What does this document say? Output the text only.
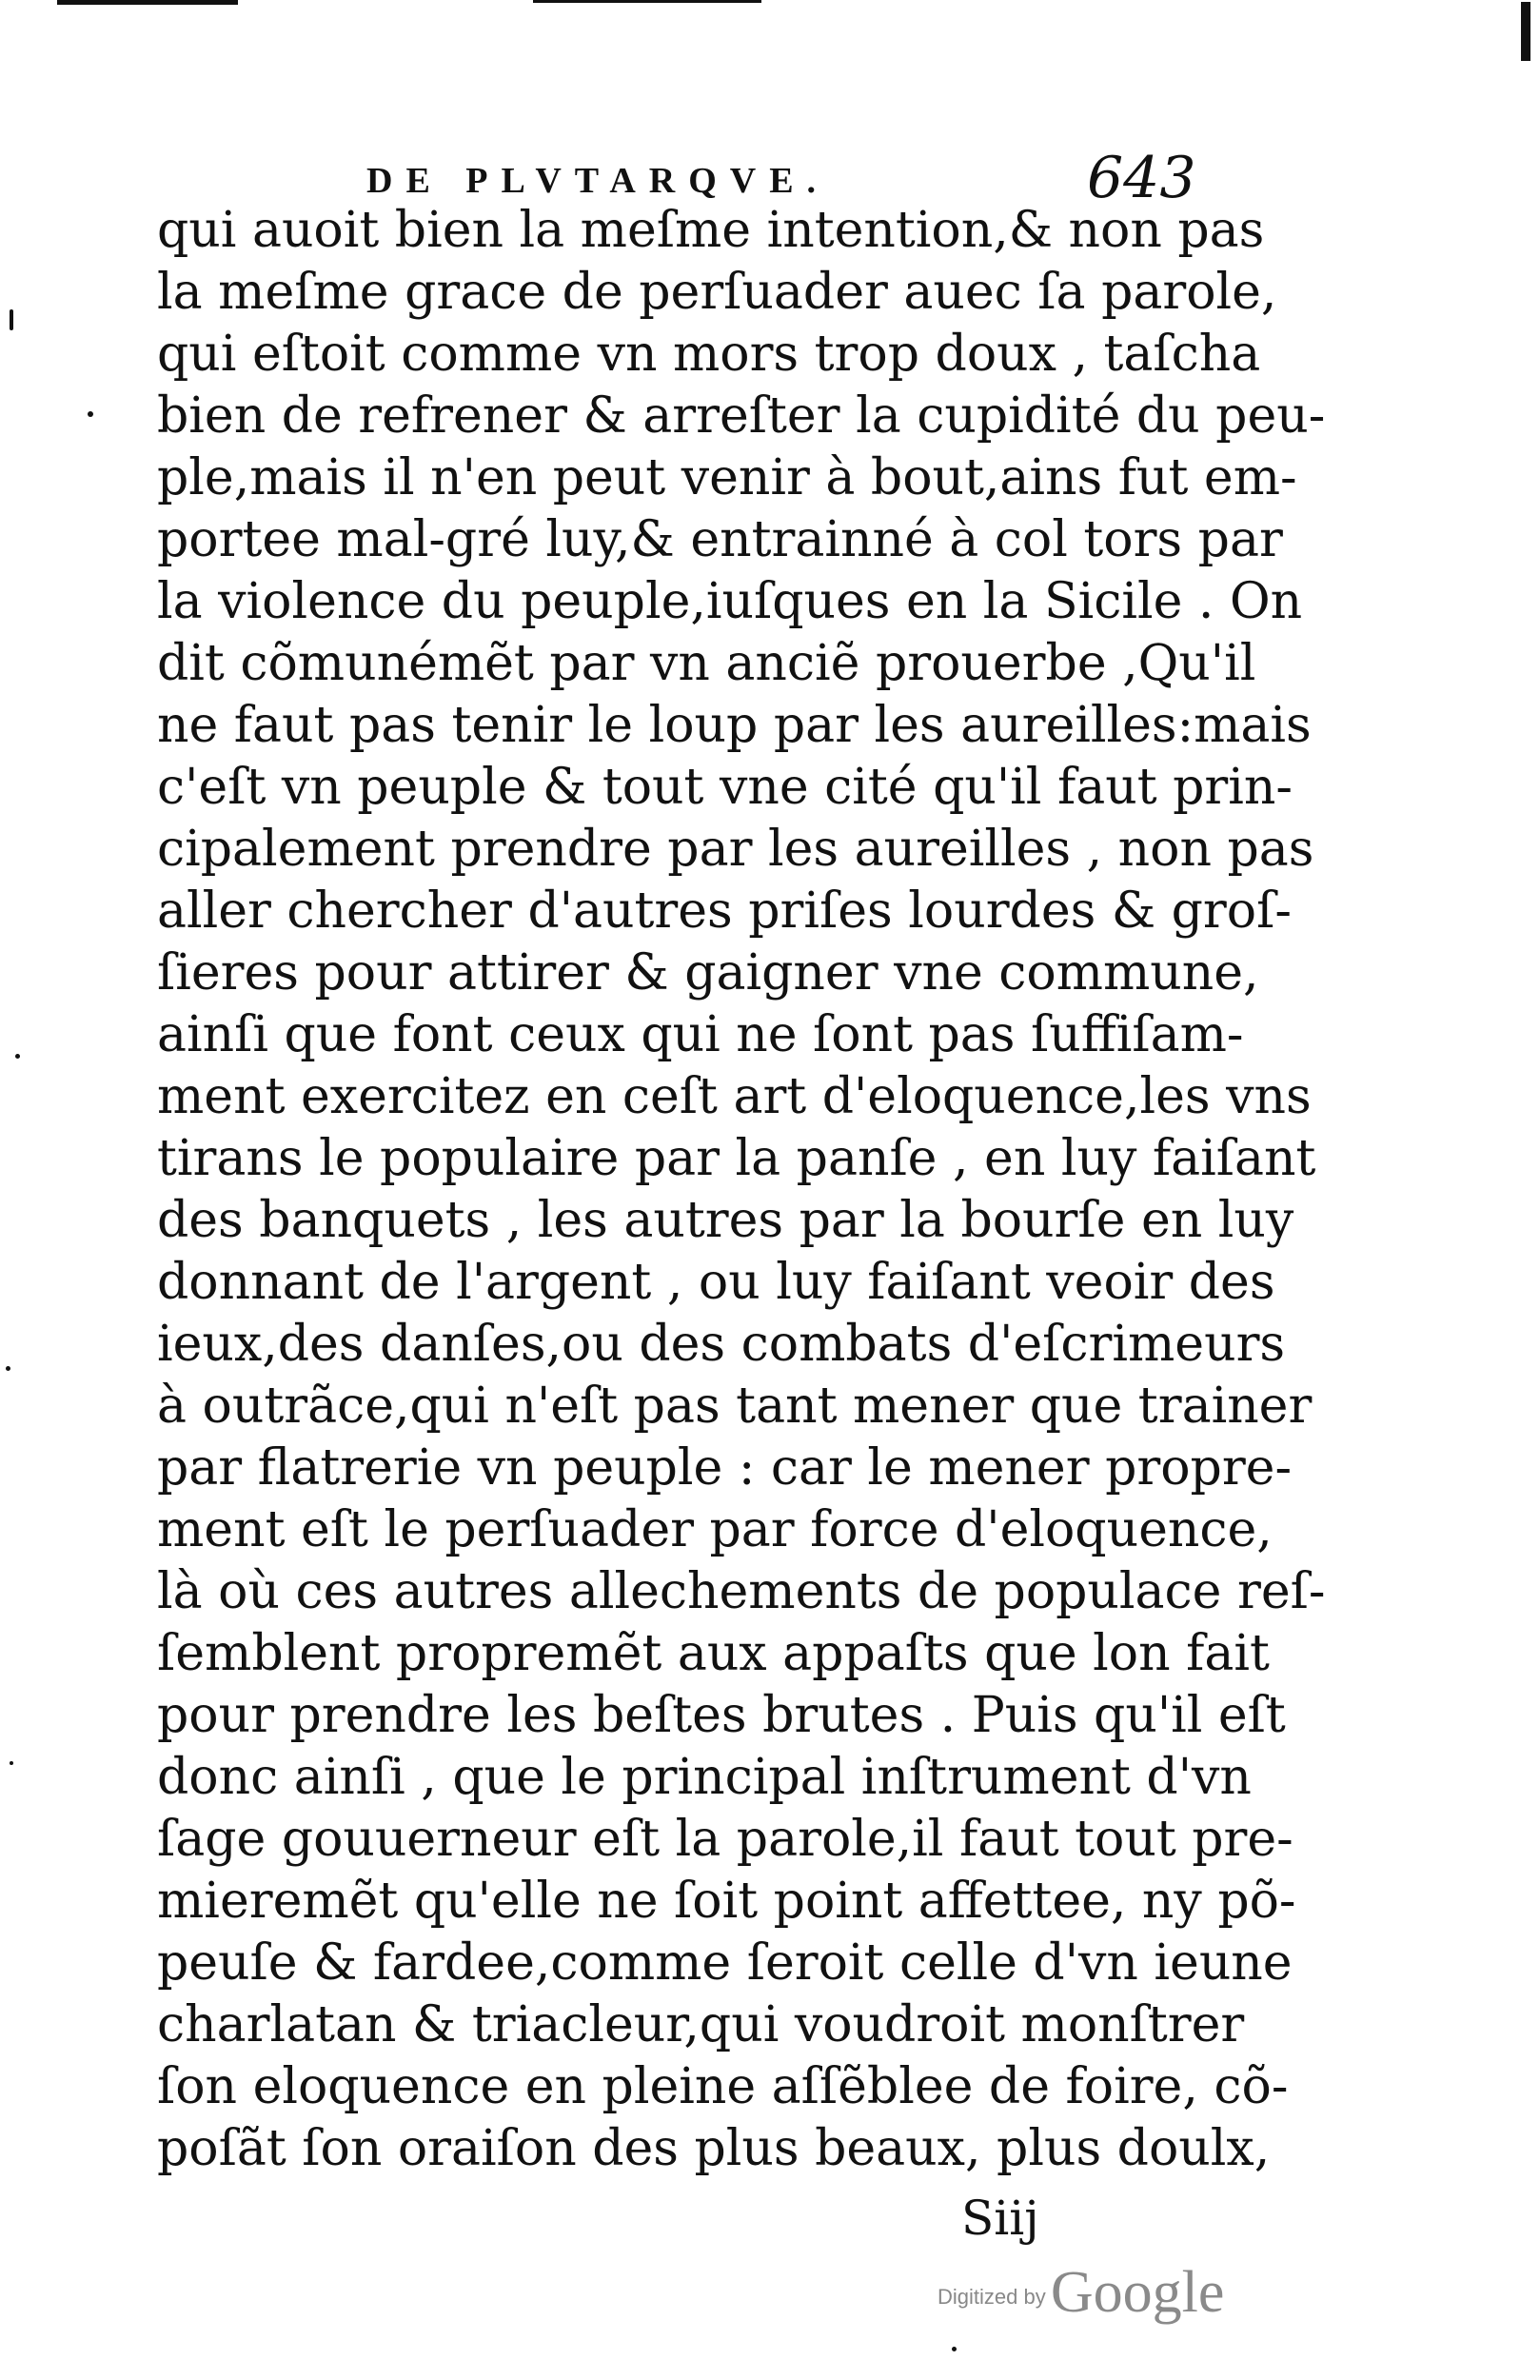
DE PLVTARQVE.	643
qui auoit bien la meſme intention,& non pas
la meſme grace de perſuader auec ſa parole,
qui eſtoit comme vn mors trop doux , taſcha
bien de refrener & arreſter la cupidité du peu-
ple,mais il n'en peut venir à bout,ains fut em-
portee mal-gré luy,& entrainné à col tors par
la violence du peuple,iuſques en la Sicile . On
dit cõmunémẽt par vn anciẽ prouerbe ,Qu'il
ne faut pas tenir le loup par les aureilles:mais
c'eſt vn peuple & tout vne cité qu'il faut prin-
cipalement prendre par les aureilles , non pas
aller chercher d'autres priſes lourdes & groſ-
ſieres pour attirer & gaigner vne commune,
ainſi que font ceux qui ne ſont pas ſuffiſam-
ment exercitez en ceſt art d'eloquence,les vns
tirans le populaire par la panſe , en luy faiſant
des banquets , les autres par la bourſe en luy
donnant de l'argent , ou luy faiſant veoir des
ieux,des danſes,ou des combats d'eſcrimeurs
à outrãce,qui n'eſt pas tant mener que trainer
par flatrerie vn peuple : car le mener propre-
ment eſt le perſuader par force d'eloquence,
là où ces autres allechements de populace reſ-
ſemblent propremẽt aux appaſts que lon fait
pour prendre les beſtes brutes . Puis qu'il eſt
donc ainſi , que le principal inſtrument d'vn
ſage gouuerneur eſt la parole,il faut tout pre-
mieremẽt qu'elle ne ſoit point affettee, ny põ-
peuſe & fardee,comme ſeroit celle d'vn ieune
charlatan & triacleur,qui voudroit monſtrer
ſon eloquence en pleine aſſẽblee de foire, cõ-
poſãt ſon oraiſon des plus beaux, plus doulx,
Siij
Digitized by Google
